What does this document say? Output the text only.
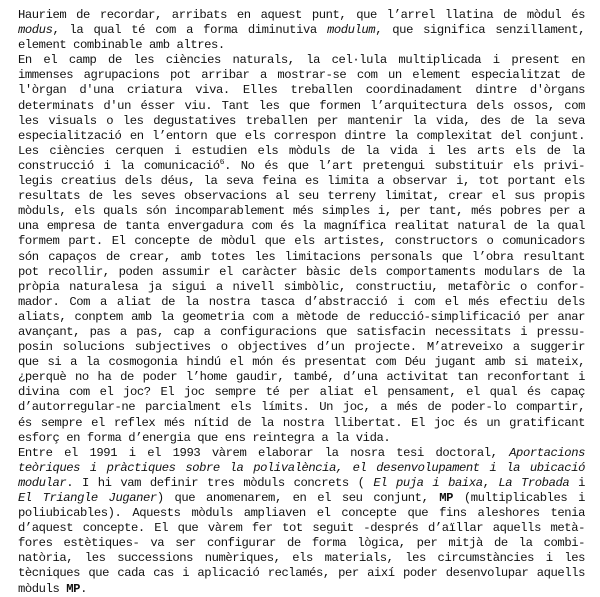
Hauriem de recordar, arribats en aquest punt, que l’arrel llatina de mòdul és
modus, la qual té com a forma diminutiva modulum, que significa senzillament,
element combinable amb altres.
En el camp de les ciències naturals, la cel·lula multiplicada i present en
immenses agrupacions pot arribar a mostrar-se com un element especialitzat de
l'òrgan d'una criatura viva. Elles treballen coordinadament dintre d'òrgans
determinats d'un ésser viu. Tant les que formen l’arquitectura dels ossos, com
les visuals o les degustatives treballen per mantenir la vida, des de la seva
especialització en l’entorn que els correspon dintre la complexitat del conjunt.
Les ciències cerquen i estudien els mòduls de la vida i les arts els de la
construcció i la comunicació$^6$. No és que l’art pretengui substituir els privi-
legis creatius dels déus, la seva feina es limita a observar i, tot portant els
resultats de les seves observacions al seu terreny limitat, crear el sus propis
mòduls, els quals són incomparablement més simples i, per tant, més pobres per a
una empresa de tanta envergadura com és la magnífica realitat natural de la qual
formem part. El concepte de mòdul que els artistes, constructors o comunicadors
són capaços de crear, amb totes les limitacions personals que l’obra resultant
pot recollir, poden assumir el caràcter bàsic dels comportaments modulars de la
pròpia naturalesa ja sigui a nivell simbòlic, constructiu, metafòric o confor-
mador. Com a aliat de la nostra tasca d’abstracció i com el més efectiu dels
aliats, conptem amb la geometria com a mètode de reducció-simplificació per anar
avançant, pas a pas, cap a configuracions que satisfacin necessitats i pressu-
posin solucions subjectives o objectives d’un projecte. M’atreveixo a suggerir
que si a la cosmogonia hindú el món és presentat com Déu jugant amb si mateix,
¿perquè no ha de poder l’home gaudir, també, d’una activitat tan reconfortant i
divina com el joc? El joc sempre té per aliat el pensament, el qual és capaç
d’autorregular-ne parcialment els límits. Un joc, a més de poder-lo compartir,
és sempre el reflex més nítid de la nostra llibertat. El joc és un gratificant
esforç en forma d’energia que ens reintegra a la vida.
Entre el 1991 i el 1993 vàrem elaborar la nosra tesi doctoral, Aportacions
teòriques i pràctiques sobre la polivalència, el desenvolupament i la ubicació
modular. I hi vam definir tres mòduls concrets ( El puja i baixa, La Trobada i
El Triangle Juganer) que anomenarem, en el seu conjunt, MP (multiplicables i
poliubicables). Aquests mòduls ampliaven el concepte que fins aleshores tenia
d’aquest concepte. El que vàrem fer tot seguit -després d’aïllar aquells metà-
fores estètiques- va ser configurar de forma lògica, per mitjà de la combi-
natòria, les successions numèriques, els materials, les circumstàncies i les
tècniques que cada cas i aplicació reclamés, per així poder desenvolupar aquells
mòduls MP.
